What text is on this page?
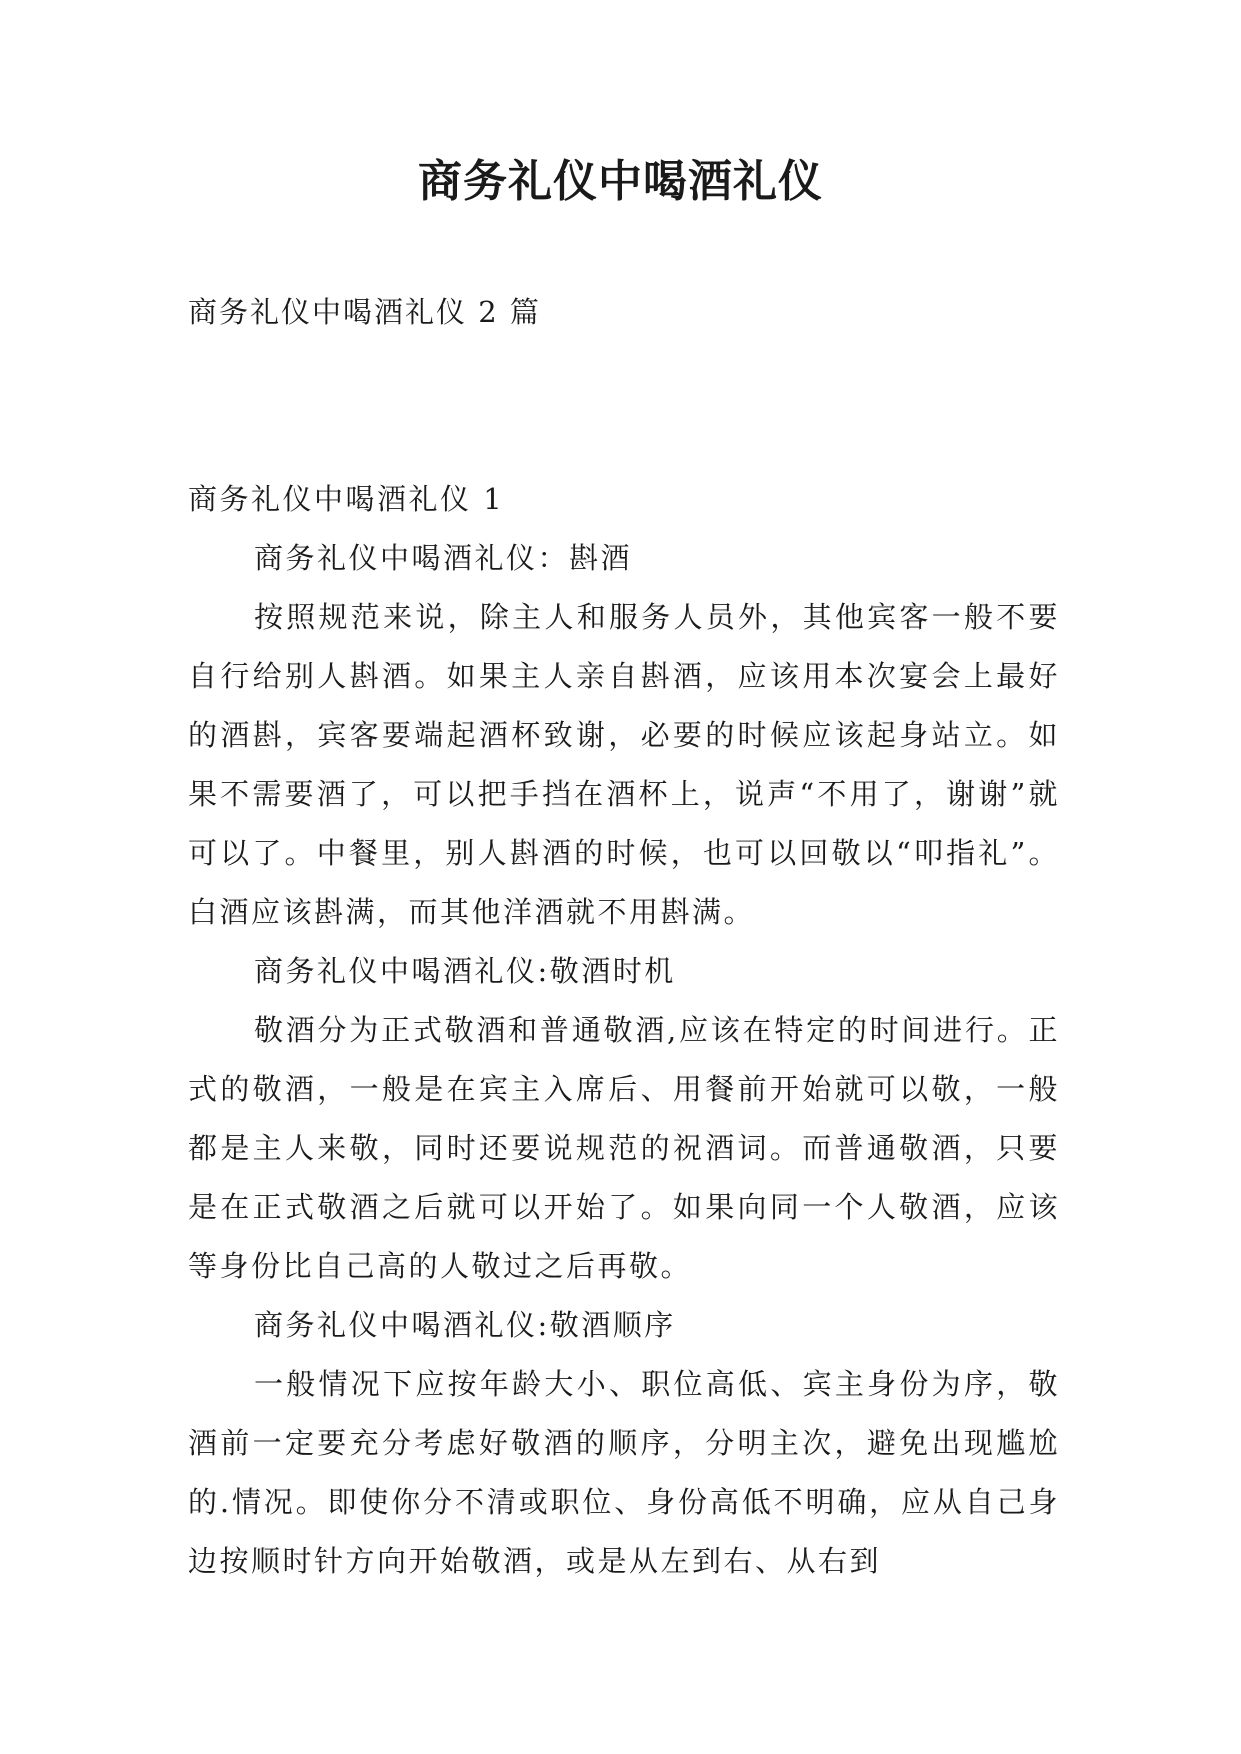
商务礼仪中喝酒礼仪
商务礼仪中喝酒礼仪 2 篇

商务礼仪中喝酒礼仪 1

商务礼仪中喝酒礼仪：斟酒

按照规范来说，除主人和服务人员外，其他宾客一般不要自行给别人斟酒。如果主人亲自斟酒，应该用本次宴会上最好的酒斟，宾客要端起酒杯致谢，必要的时候应该起身站立。如果不需要酒了，可以把手挡在酒杯上，说声“不用了，谢谢”就可以了。中餐里，别人斟酒的时候，也可以回敬以“叩指礼”。白酒应该斟满，而其他洋酒就不用斟满。

商务礼仪中喝酒礼仪:敬酒时机

敬酒分为正式敬酒和普通敬酒,应该在特定的时间进行。正式的敬酒，一般是在宾主入席后、用餐前开始就可以敬，一般都是主人来敬，同时还要说规范的祝酒词。而普通敬酒，只要是在正式敬酒之后就可以开始了。如果向同一个人敬酒，应该等身份比自己高的人敬过之后再敬。

商务礼仪中喝酒礼仪:敬酒顺序

一般情况下应按年龄大小、职位高低、宾主身份为序，敬酒前一定要充分考虑好敬酒的顺序，分明主次，避免出现尴尬的.情况。即使你分不清或职位、身份高低不明确，应从自己身边按顺时针方向开始敬酒，或是从左到右、从右到
